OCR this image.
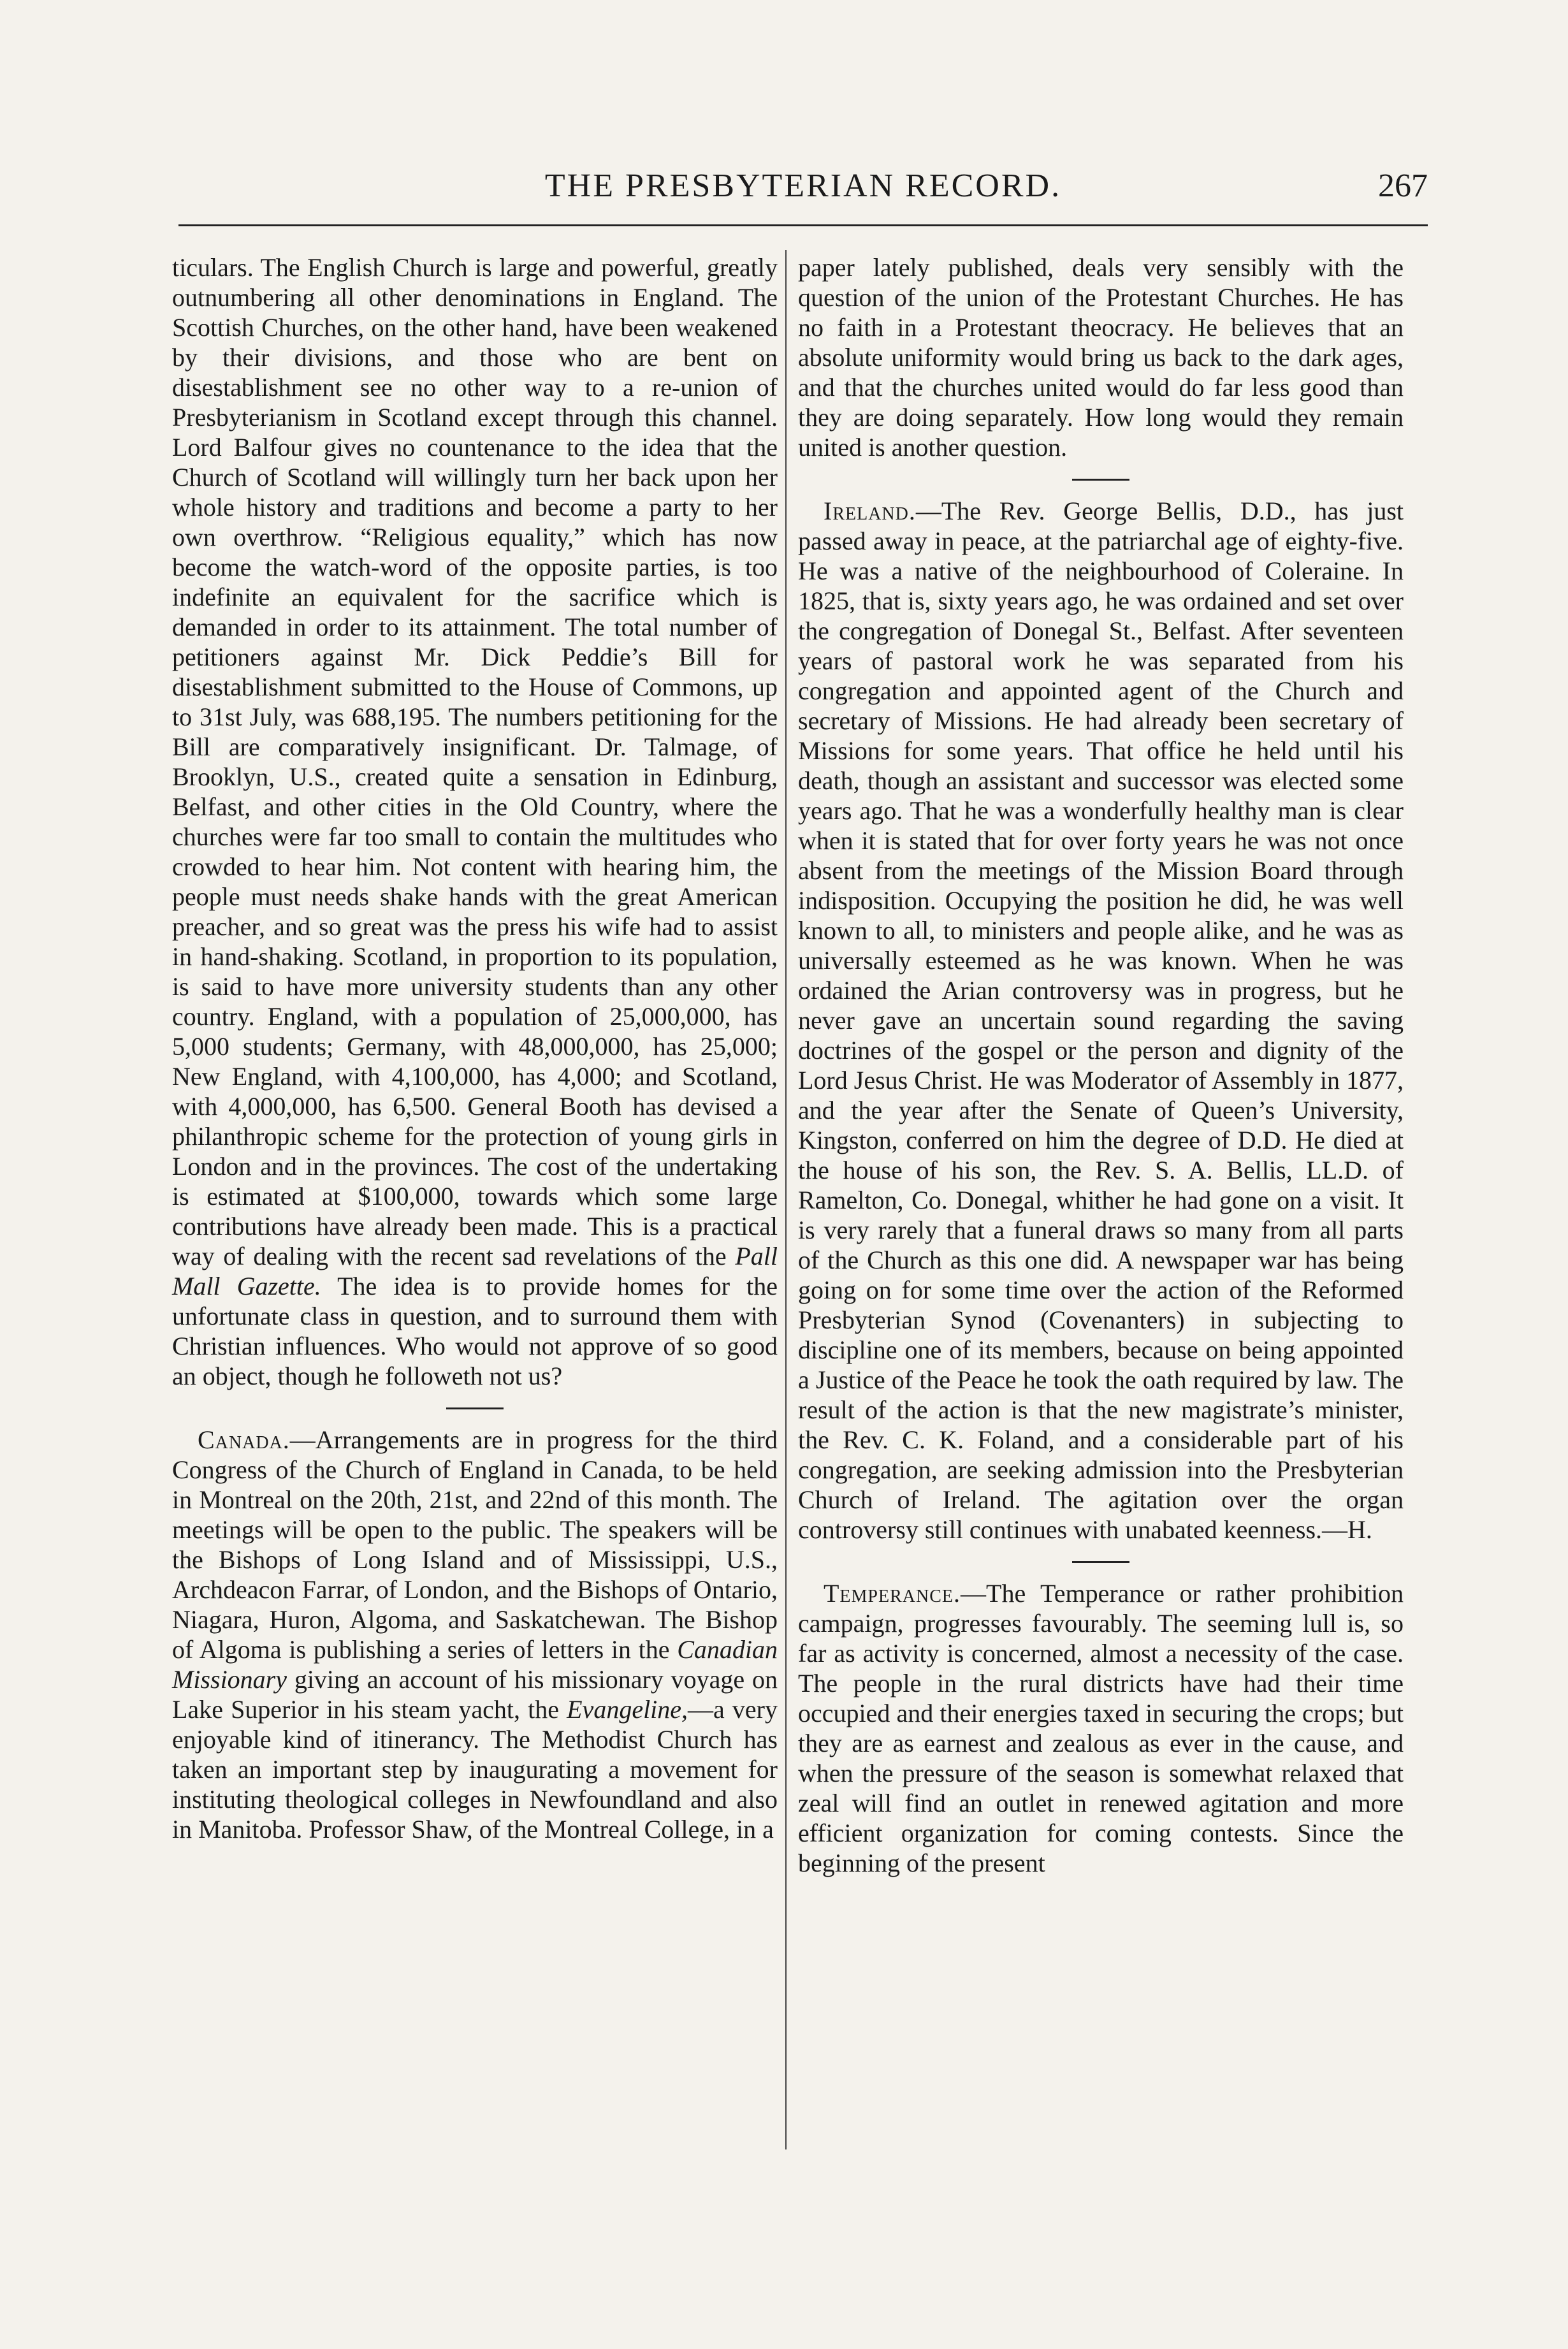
THE PRESBYTERIAN RECORD.	267

ticulars. The English Church is large and powerful, greatly outnumbering all other denominations in England. The Scottish Churches, on the other hand, have been weakened by their divisions, and those who are bent on disestablishment see no other way to a re-union of Presbyterianism in Scotland except through this channel. Lord Balfour gives no countenance to the idea that the Church of Scotland will willingly turn her back upon her whole history and traditions and become a party to her own overthrow. “Religious equality,” which has now become the watch-word of the opposite parties, is too indefinite an equivalent for the sacrifice which is demanded in order to its attainment. The total number of petitioners against Mr. Dick Peddie’s Bill for disestablishment submitted to the House of Commons, up to 31st July, was 688,195. The numbers petitioning for the Bill are comparatively insignificant. Dr. Talmage, of Brooklyn, U.S., created quite a sensation in Edinburg, Belfast, and other cities in the Old Country, where the churches were far too small to contain the multitudes who crowded to hear him. Not content with hearing him, the people must needs shake hands with the great American preacher, and so great was the press his wife had to assist in hand-shaking. Scotland, in proportion to its population, is said to have more university students than any other country. England, with a population of 25,000,000, has 5,000 students; Germany, with 48,000,000, has 25,000; New England, with 4,100,000, has 4,000; and Scotland, with 4,000,000, has 6,500. General Booth has devised a philanthropic scheme for the protection of young girls in London and in the provinces. The cost of the undertaking is estimated at $100,000, towards which some large contributions have already been made. This is a practical way of dealing with the recent sad revelations of the Pall Mall Gazette. The idea is to provide homes for the unfortunate class in question, and to surround them with Christian influences. Who would not approve of so good an object, though he followeth not us?

Canada.—Arrangements are in progress for the third Congress of the Church of England in Canada, to be held in Montreal on the 20th, 21st, and 22nd of this month. The meetings will be open to the public. The speakers will be the Bishops of Long Island and of Mississippi, U.S., Archdeacon Farrar, of London, and the Bishops of Ontario, Niagara, Huron, Algoma, and Saskatchewan. The Bishop of Algoma is publishing a series of letters in the Canadian Missionary giving an account of his missionary voyage on Lake Superior in his steam yacht, the Evangeline,—a very enjoyable kind of itinerancy. The Methodist Church has taken an important step by inaugurating a movement for instituting theological colleges in Newfoundland and also in Manitoba. Professor Shaw, of the Montreal College, in a

paper lately published, deals very sensibly with the question of the union of the Protestant Churches. He has no faith in a Protestant theocracy. He believes that an absolute uniformity would bring us back to the dark ages, and that the churches united would do far less good than they are doing separately. How long would they remain united is another question.

Ireland.—The Rev. George Bellis, D.D., has just passed away in peace, at the patriarchal age of eighty-five. He was a native of the neighbourhood of Coleraine. In 1825, that is, sixty years ago, he was ordained and set over the congregation of Donegal St., Belfast. After seventeen years of pastoral work he was separated from his congregation and appointed agent of the Church and secretary of Missions. He had already been secretary of Missions for some years. That office he held until his death, though an assistant and successor was elected some years ago. That he was a wonderfully healthy man is clear when it is stated that for over forty years he was not once absent from the meetings of the Mission Board through indisposition. Occupying the position he did, he was well known to all, to ministers and people alike, and he was as universally esteemed as he was known. When he was ordained the Arian controversy was in progress, but he never gave an uncertain sound regarding the saving doctrines of the gospel or the person and dignity of the Lord Jesus Christ. He was Moderator of Assembly in 1877, and the year after the Senate of Queen’s University, Kingston, conferred on him the degree of D.D. He died at the house of his son, the Rev. S. A. Bellis, LL.D. of Ramelton, Co. Donegal, whither he had gone on a visit. It is very rarely that a funeral draws so many from all parts of the Church as this one did. A newspaper war has being going on for some time over the action of the Reformed Presbyterian Synod (Covenanters) in subjecting to discipline one of its members, because on being appointed a Justice of the Peace he took the oath required by law. The result of the action is that the new magistrate’s minister, the Rev. C. K. Foland, and a considerable part of his congregation, are seeking admission into the Presbyterian Church of Ireland. The agitation over the organ controversy still continues with unabated keenness.—H.

Temperance.—The Temperance or rather prohibition campaign, progresses favourably. The seeming lull is, so far as activity is concerned, almost a necessity of the case. The people in the rural districts have had their time occupied and their energies taxed in securing the crops; but they are as earnest and zealous as ever in the cause, and when the pressure of the season is somewhat relaxed that zeal will find an outlet in renewed agitation and more efficient organization for coming contests. Since the beginning of the present
